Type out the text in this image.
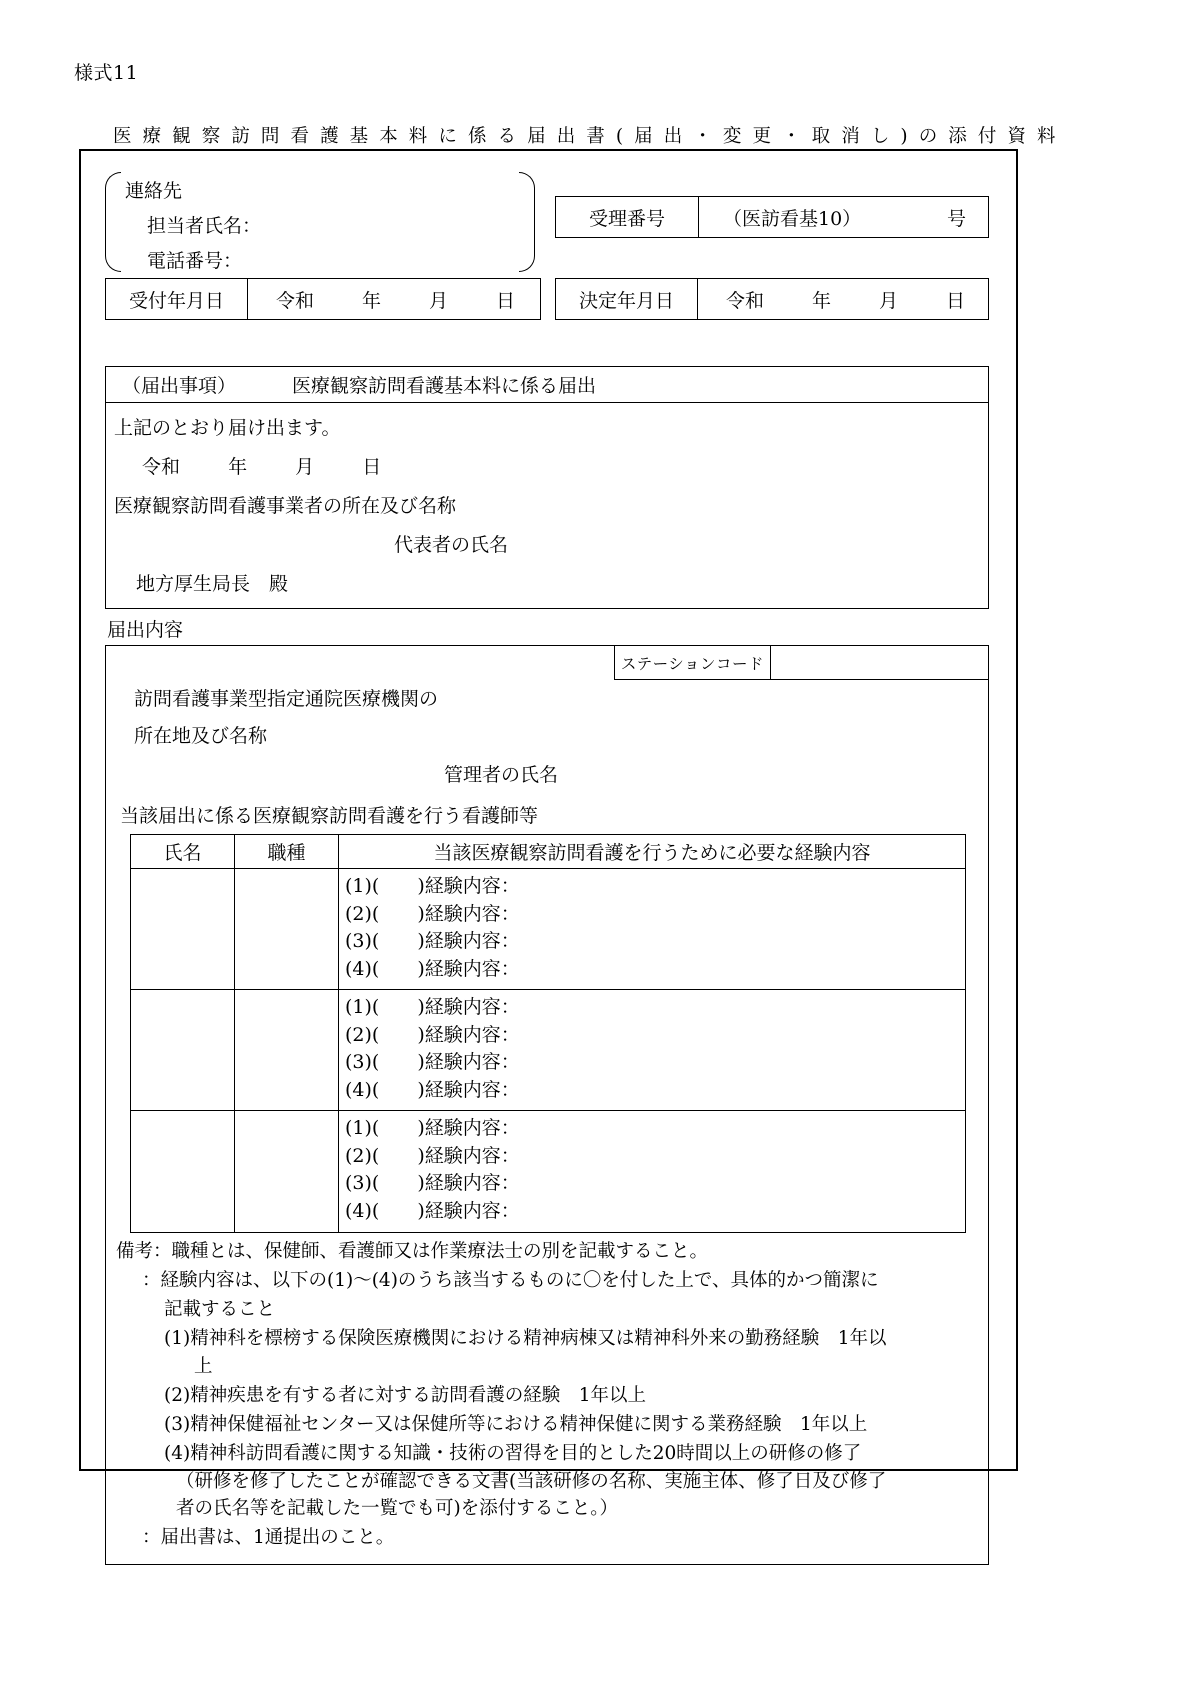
様式11
医 療 観 察 訪 問 看 護 基 本 料 に 係 る 届 出 書 ( 届 出 ・ 変 更 ・ 取 消 し ) の 添 付 資 料
連絡先
担当者氏名：
電話番号：
受理番号	（医訪看基10）	号
受付年月日	令和	年	月	日	決定年月日	令和	年	月	日
（届出事項）	医療観察訪問看護基本料に係る届出
上記のとおり届け出ます。
令和	年	月	日
医療観察訪問看護事業者の所在及び名称
代表者の氏名
地方厚生局長　殿
届出内容
ステーションコード
訪問看護事業型指定通院医療機関の
所在地及び名称
管理者の氏名
当該届出に係る医療観察訪問看護を行う看護師等
氏名	職種	当該医療観察訪問看護を行うために必要な経験内容

		(1)(　　)経験内容：
(2)(　　)経験内容：
(3)(　　)経験内容：
(4)(　　)経験内容：

		(1)(　　)経験内容：
(2)(　　)経験内容：
(3)(　　)経験内容：
(4)(　　)経験内容：

		(1)(　　)経験内容：
(2)(　　)経験内容：
(3)(　　)経験内容：
(4)(　　)経験内容：
備考：職種とは、保健師、看護師又は作業療法士の別を記載すること。
：経験内容は、以下の(1)～(4)のうち該当するものに〇を付した上で、具体的かつ簡潔に
記載すること
(1)精神科を標榜する保険医療機関における精神病棟又は精神科外来の勤務経験　1年以
上
(2)精神疾患を有する者に対する訪問看護の経験　1年以上
(3)精神保健福祉センター又は保健所等における精神保健に関する業務経験　1年以上
(4)精神科訪問看護に関する知識・技術の習得を目的とした20時間以上の研修の修了
（研修を修了したことが確認できる文書(当該研修の名称、実施主体、修了日及び修了
者の氏名等を記載した一覧でも可)を添付すること。）
：届出書は、1通提出のこと。
